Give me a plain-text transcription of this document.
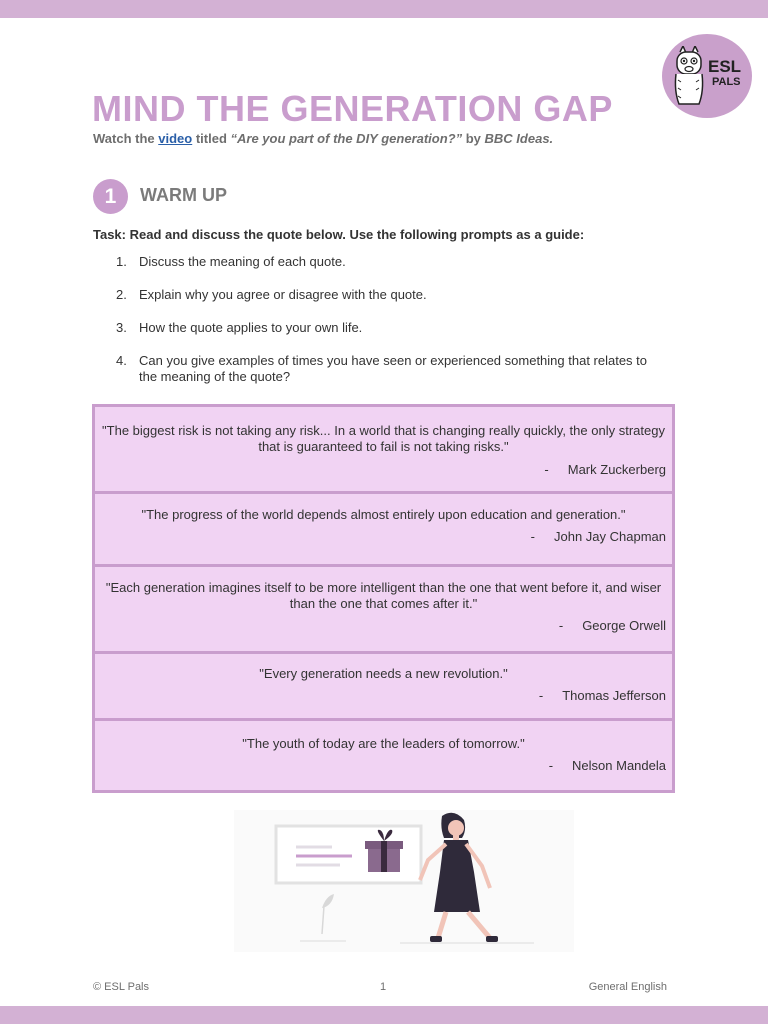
ESL
PALS
MIND THE GENERATION GAP
Watch the video titled “Are you part of the DIY generation?” by BBC Ideas.
1	WARM UP
Task: Read and discuss the quote below. Use the following prompts as a guide:
1. Discuss the meaning of each quote.
2. Explain why you agree or disagree with the quote.
3. How the quote applies to your own life.
4. Can you give examples of times you have seen or experienced something that relates to the meaning of the quote?
"The biggest risk is not taking any risk... In a world that is changing really quickly, the only strategy that is guaranteed to fail is not taking risks."
- Mark Zuckerberg
"The progress of the world depends almost entirely upon education and generation."
- John Jay Chapman
"Each generation imagines itself to be more intelligent than the one that went before it, and wiser than the one that comes after it."
- George Orwell
"Every generation needs a new revolution."
- Thomas Jefferson
"The youth of today are the leaders of tomorrow."
- Nelson Mandela
© ESL Pals	1	General English
